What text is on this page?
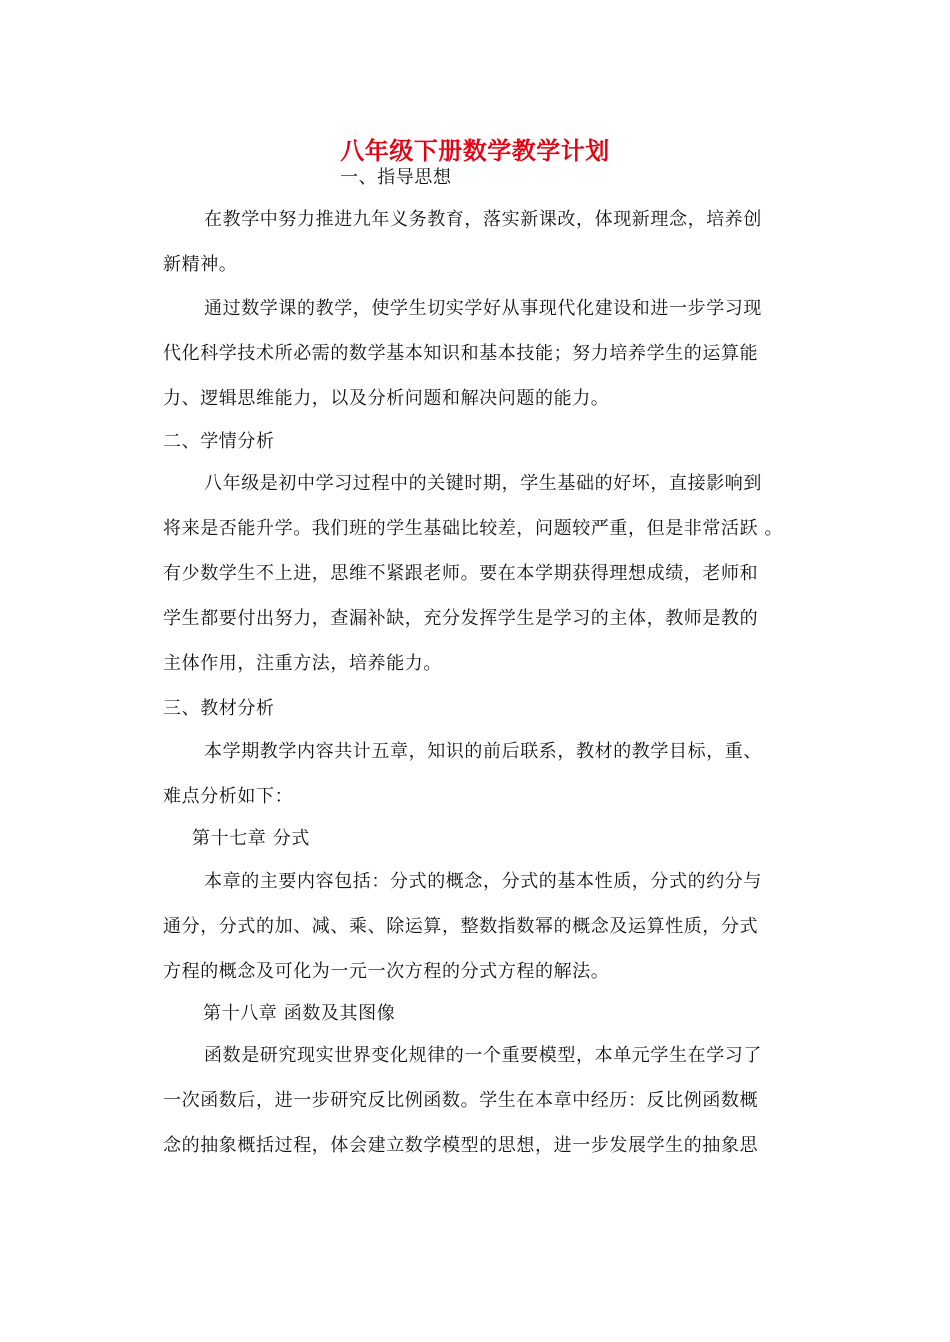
八年级下册数学教学计划
一、指导思想
在教学中努力推进九年义务教育，落实新课改，体现新理念，培养创
新精神。
通过数学课的教学，使学生切实学好从事现代化建设和进一步学习现
代化科学技术所必需的数学基本知识和基本技能；努力培养学生的运算能
力、逻辑思维能力，以及分析问题和解决问题的能力。
二、学情分析
八年级是初中学习过程中的关键时期，学生基础的好坏，直接影响到
将来是否能升学。我们班的学生基础比较差，问题较严重，但是非常活跃 。
有少数学生不上进，思维不紧跟老师。要在本学期获得理想成绩，老师和
学生都要付出努力，查漏补缺，充分发挥学生是学习的主体，教师是教的
主体作用，注重方法，培养能力。
三、教材分析
本学期教学内容共计五章，知识的前后联系，教材的教学目标，重、
难点分析如下：
第十七章 分式
本章的主要内容包括：分式的概念，分式的基本性质，分式的约分与
通分，分式的加、减、乘、除运算，整数指数幂的概念及运算性质，分式
方程的概念及可化为一元一次方程的分式方程的解法。
第十八章 函数及其图像
函数是研究现实世界变化规律的一个重要模型，本单元学生在学习了
一次函数后，进一步研究反比例函数。学生在本章中经历：反比例函数概
念的抽象概括过程，体会建立数学模型的思想，进一步发展学生的抽象思
